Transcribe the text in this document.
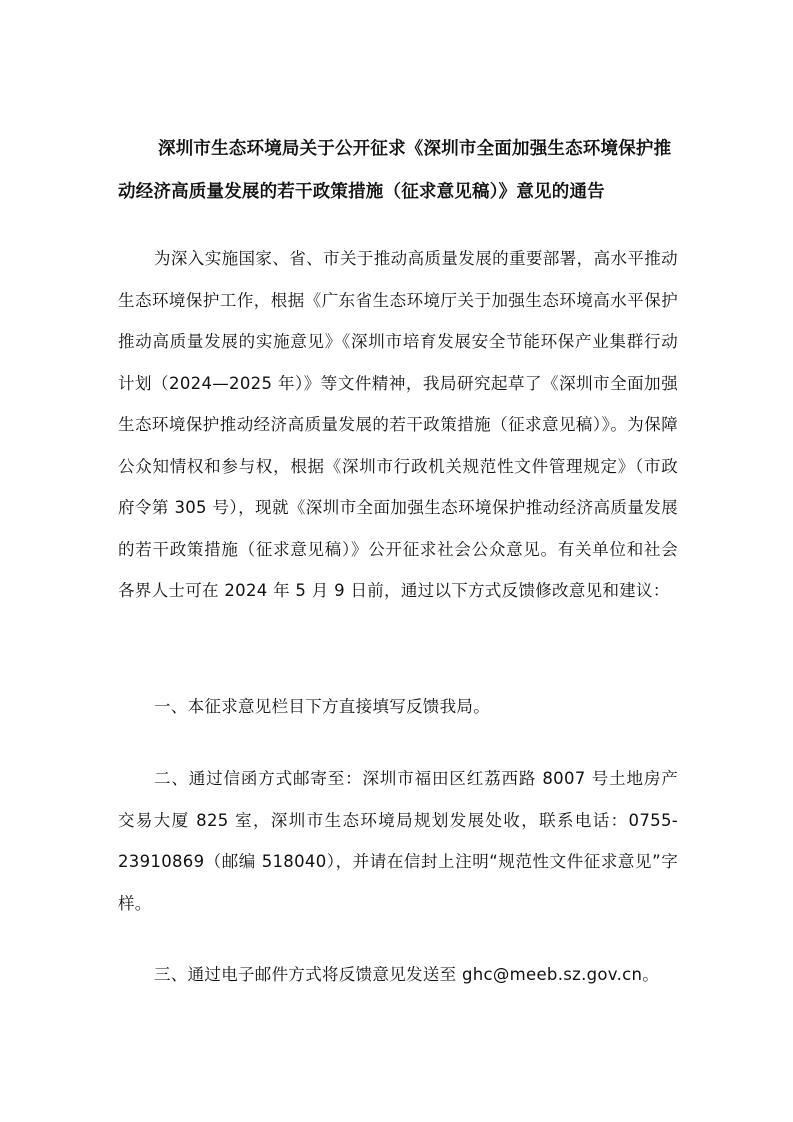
深圳市生态环境局关于公开征求《深圳市全面加强生态环境保护推动经济高质量发展的若干政策措施（征求意见稿）》意见的通告
为深入实施国家、省、市关于推动高质量发展的重要部署，高水平推动生态环境保护工作，根据《广东省生态环境厅关于加强生态环境高水平保护推动高质量发展的实施意见》《深圳市培育发展安全节能环保产业集群行动计划（2024—2025 年）》等文件精神，我局研究起草了《深圳市全面加强生态环境保护推动经济高质量发展的若干政策措施（征求意见稿）》。为保障公众知情权和参与权，根据《深圳市行政机关规范性文件管理规定》（市政府令第 305 号），现就《深圳市全面加强生态环境保护推动经济高质量发展的若干政策措施（征求意见稿）》公开征求社会公众意见。有关单位和社会各界人士可在 2024 年 5 月 9 日前，通过以下方式反馈修改意见和建议：
一、本征求意见栏目下方直接填写反馈我局。
二、通过信函方式邮寄至：深圳市福田区红荔西路 8007 号土地房产交易大厦 825 室，深圳市生态环境局规划发展处收，联系电话：0755-23910869（邮编 518040），并请在信封上注明“规范性文件征求意见”字样。
三、通过电子邮件方式将反馈意见发送至 ghc@meeb.sz.gov.cn。
